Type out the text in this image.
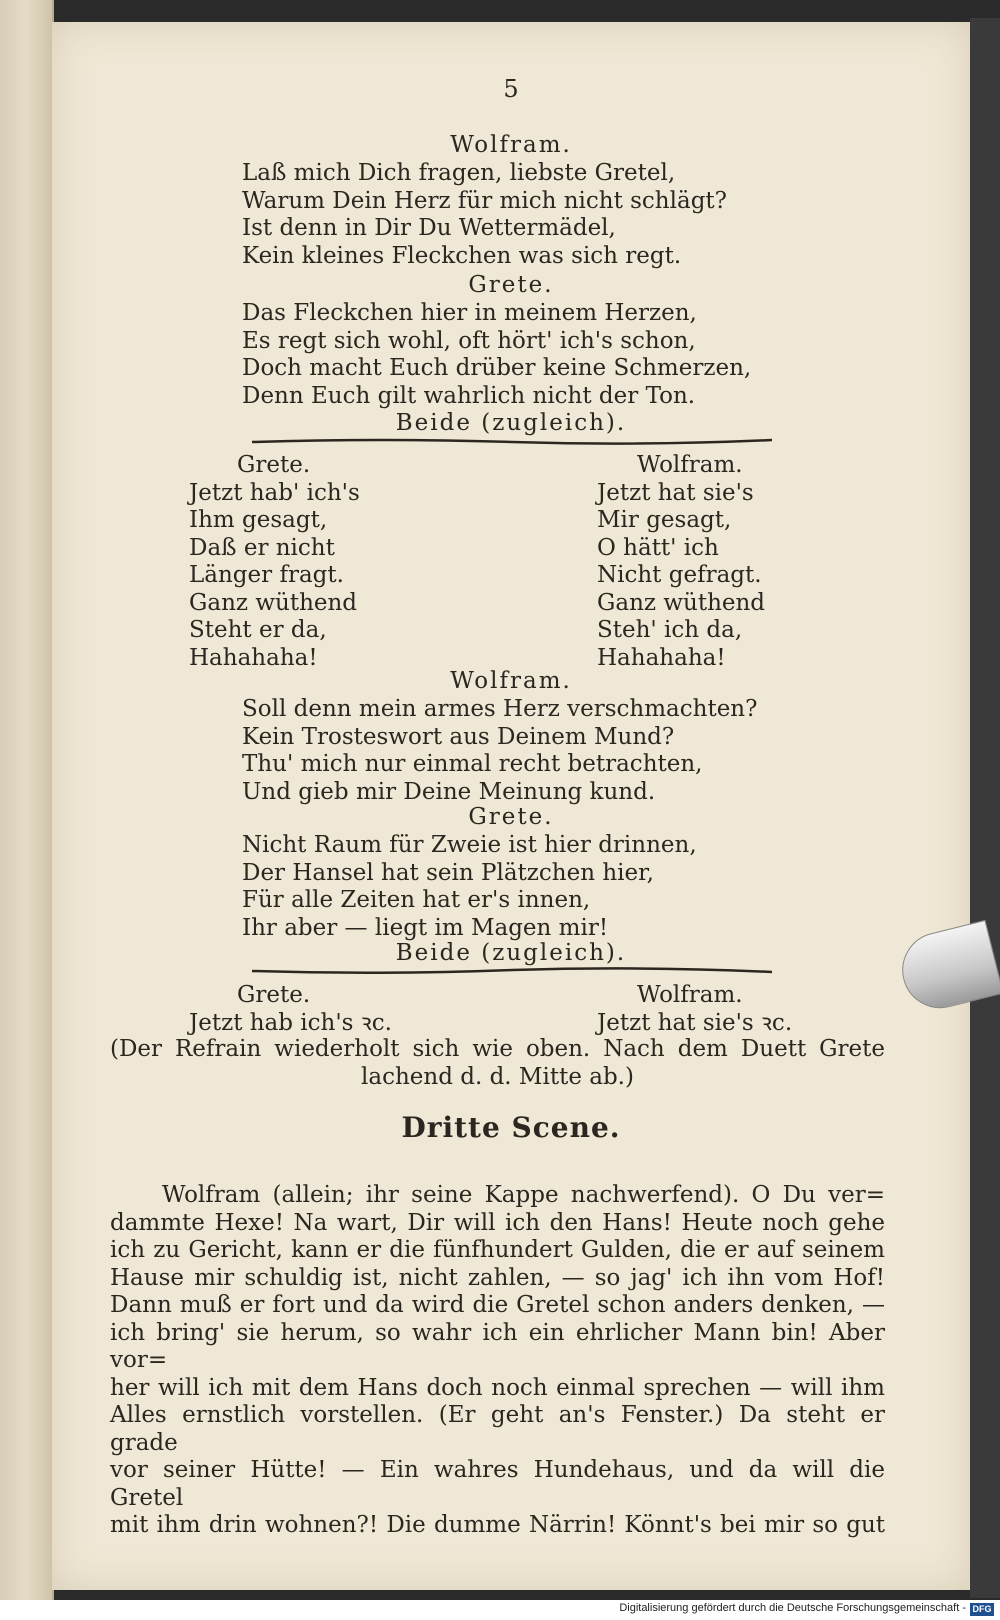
5
Wolfram.
Laß mich Dich fragen, liebste Gretel,
Warum Dein Herz für mich nicht schlägt?
Ist denn in Dir Du Wettermädel,
Kein kleines Fleckchen was sich regt.
Grete.
Das Fleckchen hier in meinem Herzen,
Es regt sich wohl, oft hört' ich's schon,
Doch macht Euch drüber keine Schmerzen,
Denn Euch gilt wahrlich nicht der Ton.
Beide (zugleich).
Grete.
Jetzt hab' ich's
Ihm gesagt,
Daß er nicht
Länger fragt.
Ganz wüthend
Steht er da,
Hahahaha!
Wolfram.
Jetzt hat sie's
Mir gesagt,
O hätt' ich
Nicht gefragt.
Ganz wüthend
Steh' ich da,
Hahahaha!
Wolfram.
Soll denn mein armes Herz verschmachten?
Kein Trosteswort aus Deinem Mund?
Thu' mich nur einmal recht betrachten,
Und gieb mir Deine Meinung kund.
Grete.
Nicht Raum für Zweie ist hier drinnen,
Der Hansel hat sein Plätzchen hier,
Für alle Zeiten hat er's innen,
Ihr aber — liegt im Magen mir!
Beide (zugleich).
Grete.
Jetzt hab ich's ꝛc.
Wolfram.
Jetzt hat sie's ꝛc.
(Der Refrain wiederholt sich wie oben. Nach dem Duett Grete
lachend d. d. Mitte ab.)
Dritte Scene.
Wolfram (allein; ihr seine Kappe nachwerfend). O Du ver=
dammte Hexe! Na wart, Dir will ich den Hans! Heute noch gehe
ich zu Gericht, kann er die fünfhundert Gulden, die er auf seinem
Hause mir schuldig ist, nicht zahlen, — so jag' ich ihn vom Hof!
Dann muß er fort und da wird die Gretel schon anders denken, —
ich bring' sie herum, so wahr ich ein ehrlicher Mann bin! Aber vor=
her will ich mit dem Hans doch noch einmal sprechen — will ihm
Alles ernstlich vorstellen. (Er geht an's Fenster.) Da steht er grade
vor seiner Hütte! — Ein wahres Hundehaus, und da will die Gretel
mit ihm drin wohnen?! Die dumme Närrin! Könnt's bei mir so gut
Digitalisierung gefördert durch die Deutsche Forschungsgemeinschaft - DFG
